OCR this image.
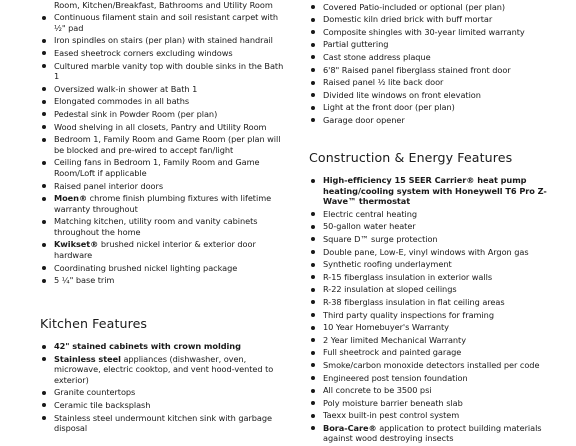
Room, Kitchen/Breakfast, Bathrooms and Utility Room
Continuous filament stain and soil resistant carpet with ½" pad
Iron spindles on stairs (per plan) with stained handrail
Eased sheetrock corners excluding windows
Cultured marble vanity top with double sinks in the Bath 1
Oversized walk-in shower at Bath 1
Elongated commodes in all baths
Pedestal sink in Powder Room (per plan)
Wood shelving in all closets, Pantry and Utility Room
Bedroom 1, Family Room and Game Room (per plan will be blocked and pre-wired to accept fan/light
Ceiling fans in Bedroom 1, Family Room and Game Room/Loft if applicable
Raised panel interior doors
Moen® chrome finish plumbing fixtures with lifetime warranty throughout
Matching kitchen, utility room and vanity cabinets throughout the home
Kwikset® brushed nickel interior & exterior door hardware
Coordinating brushed nickel lighting package
5 ¼" base trim
Kitchen Features
42" stained cabinets with crown molding
Stainless steel appliances (dishwasher, oven, microwave, electric cooktop, and vent hood-vented to exterior)
Granite countertops
Ceramic tile backsplash
Stainless steel undermount kitchen sink with garbage disposal
Covered Patio-included or optional (per plan)
Domestic kiln dried brick with buff mortar
Composite shingles with 30-year limited warranty
Partial guttering
Cast stone address plaque
6'8" Raised panel fiberglass stained front door
Raised panel ½ lite back door
Divided lite windows on front elevation
Light at the front door (per plan)
Garage door opener
Construction & Energy Features
High-efficiency 15 SEER Carrier® heat pump heating/cooling system with Honeywell T6 Pro Z-Wave™ thermostat
Electric central heating
50-gallon water heater
Square D™ surge protection
Double pane, Low-E, vinyl windows with Argon gas
Synthetic roofing underlayment
R-15 fiberglass insulation in exterior walls
R-22 insulation at sloped ceilings
R-38 fiberglass insulation in flat ceiling areas
Third party quality inspections for framing
10 Year Homebuyer's Warranty
2 Year limited Mechanical Warranty
Full sheetrock and painted garage
Smoke/carbon monoxide detectors installed per code
Engineered post tension foundation
All concrete to be 3500 psi
Poly moisture barrier beneath slab
Taexx built-in pest control system
Bora-Care® application to protect building materials against wood destroying insects
